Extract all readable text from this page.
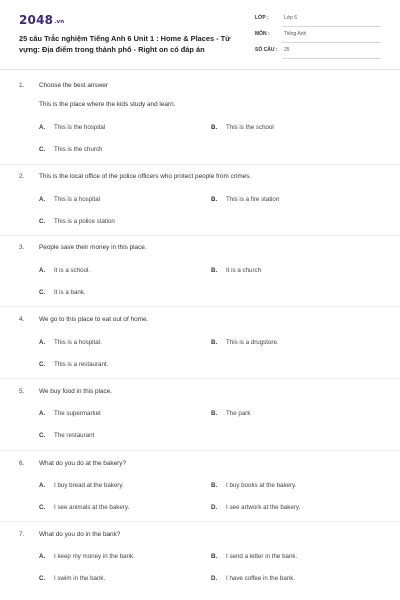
2048.vn
25 câu Trắc nghiệm Tiếng Anh 6 Unit 1 : Home & Places - Từ vựng: Địa điểm trong thành phố - Right on có đáp án
LỚP :	Lớp 6
MÔN :	Tiếng Anh
SỐ CÂU : 25
1. Choose the best answer
This is the place where the kids study and learn.
A. This is the hospital	B. This is the school
C. This is the church
2. This is the local office of the police officers who protect people from crimes.
A. This is a hospital	B. This is a fire station
C. This is a police station
3. People save their money in this place.
A. It is a school.	B. It is a church
C. It is a bank.
4. We go to this place to eat out of home.
A. This is a hospital.	B. This is a drugstore.
C. This is a restaurant.
5. We buy food in this place.
A. The supermarket	B. The park
C. The restaurant
6. What do you do at the bakery?
A. I buy bread at the bakery.	B. I buy books at the bakery.
C. I see animals at the bakery.	D. I see artwork at the bakery.
7. What do you do in the bank?
A. I keep my money in the bank.	B. I send a letter in the bank.
C. I swim in the bank.	D. I have coffee in the bank.
